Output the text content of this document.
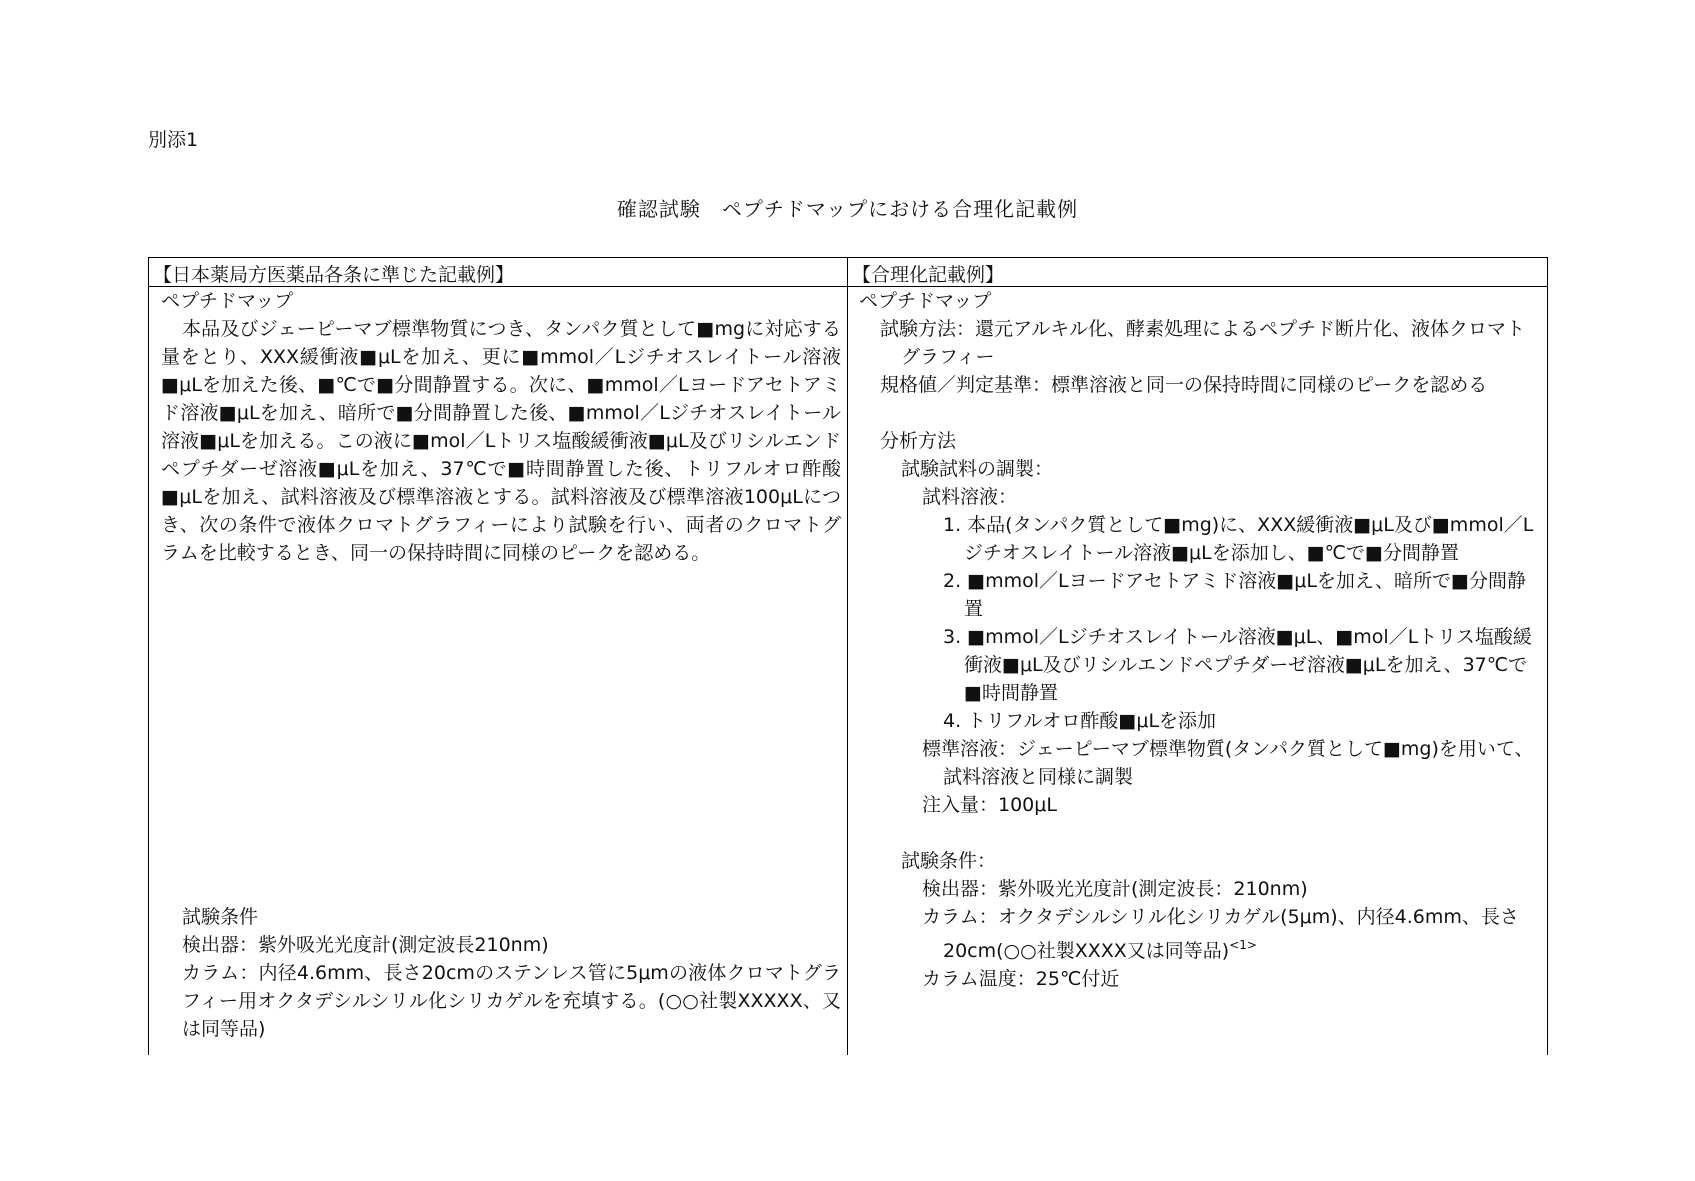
別添1
確認試験　ペプチドマップにおける合理化記載例
【日本薬局方医薬品各条に準じた記載例】	【合理化記載例】

ペプチドマップ

本品及びジェーピーマブ標準物質につき、タンパク質として■mgに対応する量をとり、XXX緩衝液■μLを加え、更に■mmol／Lジチオスレイトール溶液■μLを加えた後、■℃で■分間静置する。次に、■mmol／Lヨードアセトアミド溶液■μLを加え、暗所で■分間静置した後、■mmol／Lジチオスレイトール溶液■μLを加える。この液に■mol／Lトリス塩酸緩衝液■μL及びリシルエンドペプチダーゼ溶液■μLを加え、37℃で■時間静置した後、トリフルオロ酢酸■μLを加え、試料溶液及び標準溶液とする。試料溶液及び標準溶液100μLにつき、次の条件で液体クロマトグラフィーにより試験を行い、両者のクロマトグラムを比較するとき、同一の保持時間に同様のピークを認める。

試験条件

検出器：紫外吸光光度計(測定波長210nm)

カラム：内径4.6mm、長さ20cmのステンレス管に5μmの液体クロマトグラフィー用オクタデシルシリル化シリカゲルを充填する。(○○社製XXXXX、又は同等品)

ペプチドマップ

試験方法：還元アルキル化、酵素処理によるペプチド断片化、液体クロマトグラフィー

規格値／判定基準：標準溶液と同一の保持時間に同様のピークを認める

分析方法

試験試料の調製：

試料溶液：

1. 本品(タンパク質として■mg)に、XXX緩衝液■μL及び■mmol／Lジチオスレイトール溶液■μLを添加し、■℃で■分間静置

2. ■mmol／Lヨードアセトアミド溶液■μLを加え、暗所で■分間静置

3. ■mmol／Lジチオスレイトール溶液■μL、■mol／Lトリス塩酸緩衝液■μL及びリシルエンドペプチダーゼ溶液■μLを加え、37℃で■時間静置

4. トリフルオロ酢酸■μLを添加

標準溶液：ジェーピーマブ標準物質(タンパク質として■mg)を用いて、試料溶液と同様に調製

注入量：100μL

試験条件：

検出器：紫外吸光光度計(測定波長：210nm)

カラム：オクタデシルシリル化シリカゲル(5μm)、内径4.6mm、長さ20cm(○○社製XXXX又は同等品)$^{<1>}$

カラム温度：25℃付近
